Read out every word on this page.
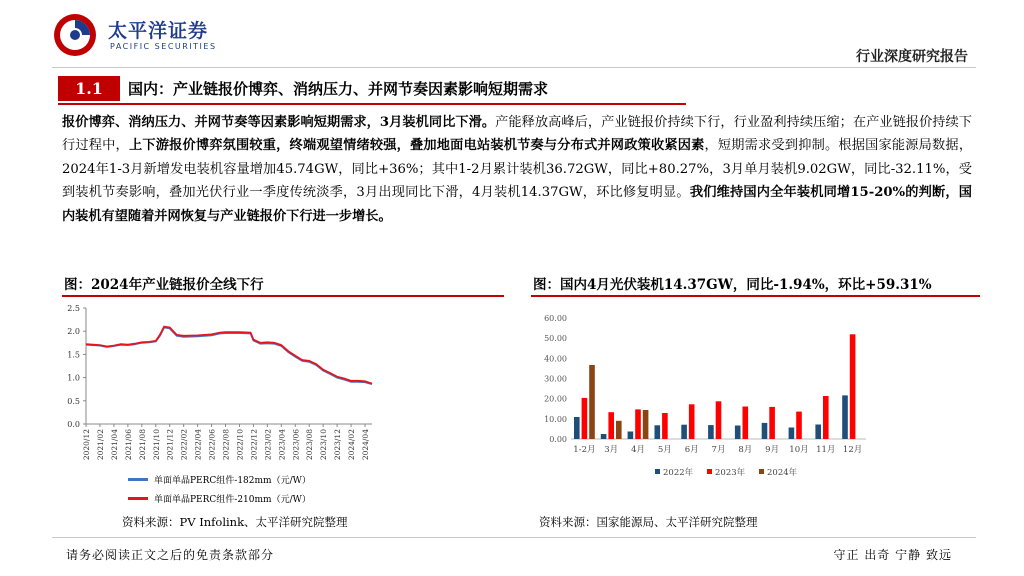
太平洋证券
PACIFIC SECURITIES
行业深度研究报告
1.1	国内：产业链报价博弈、消纳压力、并网节奏因素影响短期需求
报价博弈、消纳压力、并网节奏等因素影响短期需求，3月装机同比下滑。产能释放高峰后，产业链报价持续下行，行业盈利持续压缩；在产业链报价持续下行过程中，上下游报价博弈氛围较重，终端观望情绪较强，叠加地面电站装机节奏与分布式并网政策收紧因素，短期需求受到抑制。根据国家能源局数据，2024年1-3月新增发电装机容量增加45.74GW，同比+36%；其中1-2月累计装机36.72GW，同比+80.27%，3月单月装机9.02GW，同比-32.11%，受到装机节奏影响，叠加光伏行业一季度传统淡季，3月出现同比下滑，4月装机14.37GW，环比修复明显。我们维持国内全年装机同增15-20%的判断，国内装机有望随着并网恢复与产业链报价下行进一步增长。
图：2024年产业链报价全线下行	图：国内4月光伏装机14.37GW，同比-1.94%，环比+59.31%
0.0
0.5
1.0
1.5
2.0
2.5
2020/12 2021/02 2021/04 2021/06 2021/08 2021/10 2021/12 2022/02 2022/04 2022/06 2022/08 2022/10 2022/12 2023/02 2023/04 2023/06 2023/08 2023/10 2023/12 2024/02 2024/04
单面单晶PERC组件-182mm（元/W）
单面单晶PERC组件-210mm（元/W）
0.00
10.00
20.00
30.00
40.00
50.00
60.00
1-2月 3月 4月 5月 6月 7月 8月 9月 10月 11月 12月
2022年	2023年	2024年
资料来源：PV Infolink、太平洋研究院整理	资料来源：国家能源局、太平洋研究院整理
请务必阅读正文之后的免责条款部分	守正 出奇 宁静 致远
